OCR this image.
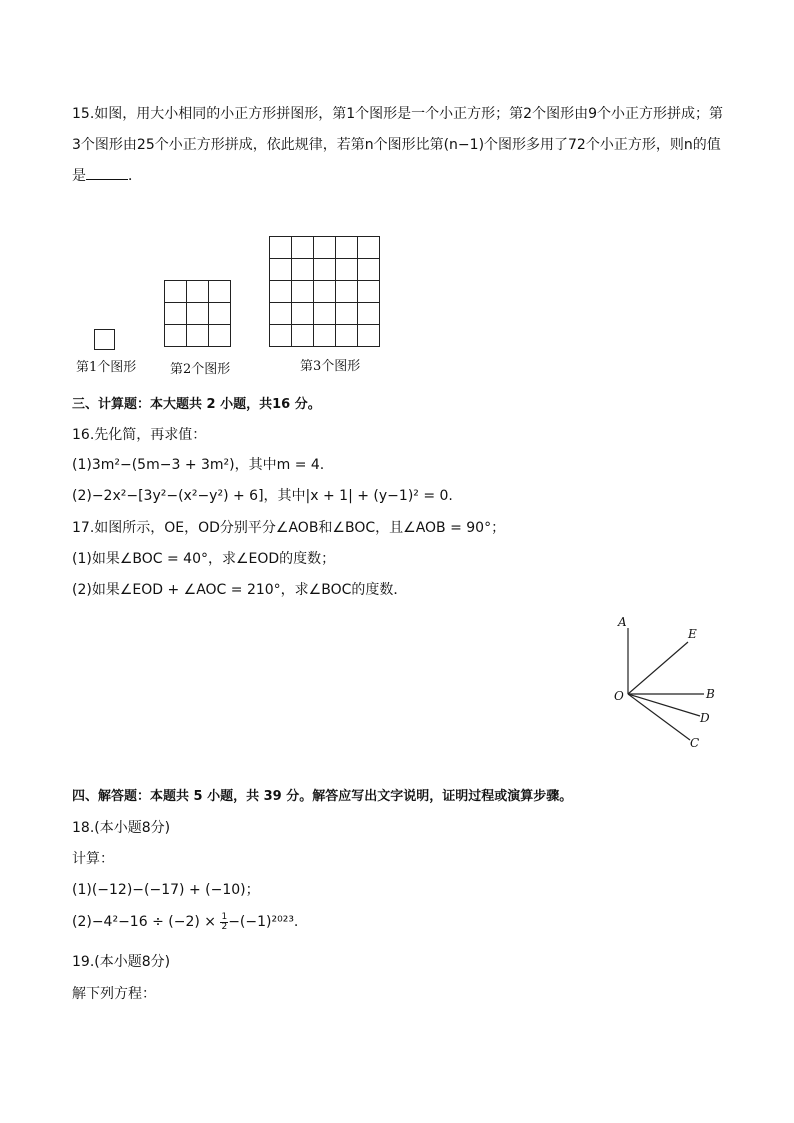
15.如图，用大小相同的小正方形拼图形，第1个图形是一个小正方形；第2个图形由9个小正方形拼成；第
3个图形由25个小正方形拼成，依此规律，若第n个图形比第(n−1)个图形多用了72个小正方形，则n的值
是	．
第1个图形	第2个图形	第3个图形
三、计算题：本大题共 2 小题，共16 分。
16.先化简，再求值：
(1)3m²−(5m−3 + 3m²)，其中m = 4.
(2)−2x²−[3y²−(x²−y²) + 6]，其中|x + 1| + (y−1)² = 0.
17.如图所示，OE，OD分别平分∠AOB和∠BOC，且∠AOB = 90°；
(1)如果∠BOC = 40°，求∠EOD的度数；
(2)如果∠EOD + ∠AOC = 210°，求∠BOC的度数．
A
E
O	B
D
C
四、解答题：本题共 5 小题，共 39 分。解答应写出文字说明，证明过程或演算步骤。
18.(本小题8分)
计算：
(1)(−12)−(−17) + (−10)；
$(2)-4^2-16 \div (-2) \times \frac{1}{2} -(-1)^{2023}$.
19.(本小题8分)
解下列方程：
